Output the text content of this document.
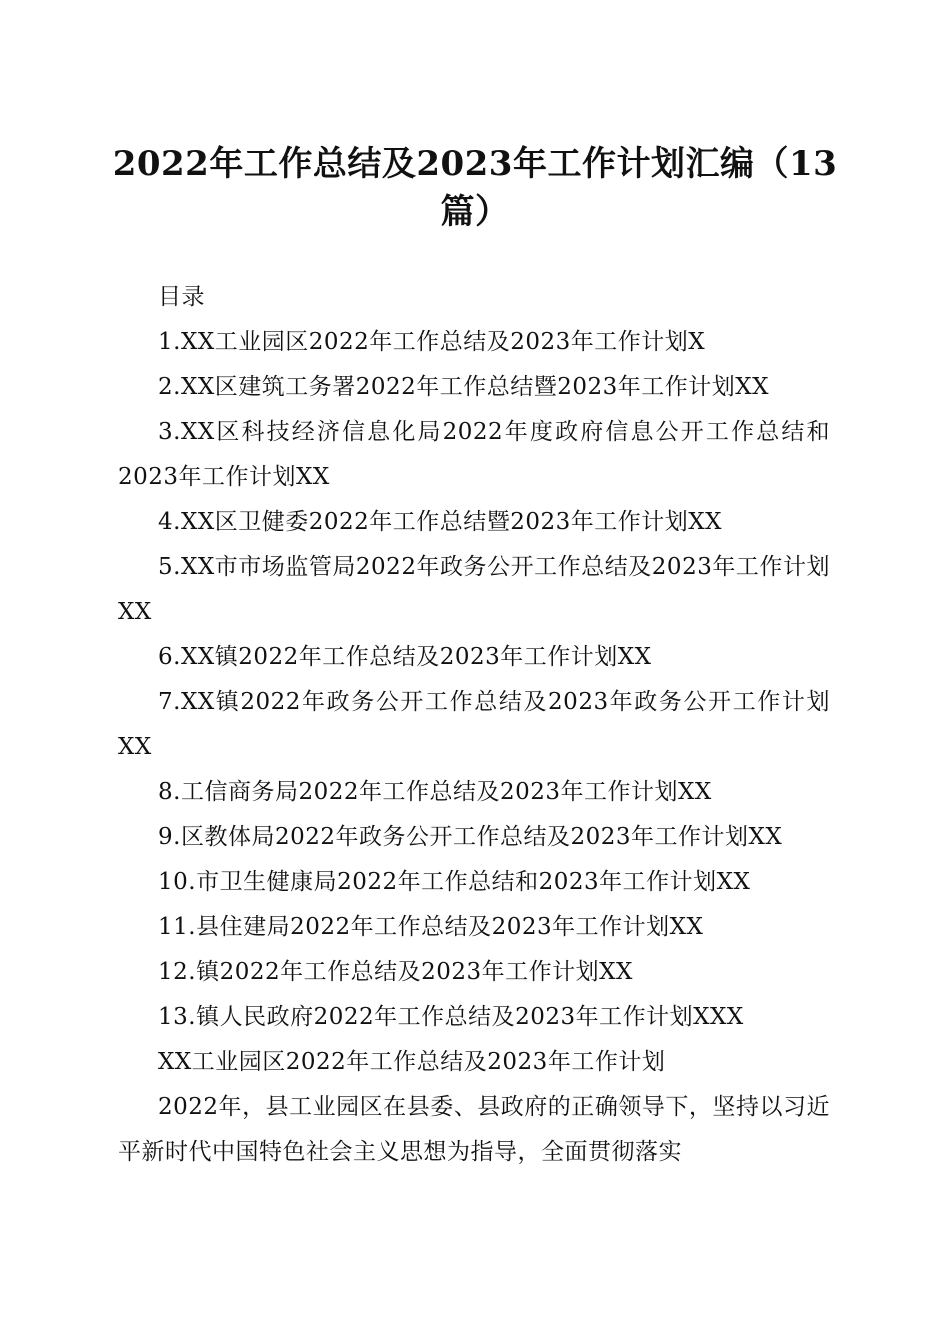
2022年工作总结及2023年工作计划汇编（13篇）

目录

1.XX工业园区2022年工作总结及2023年工作计划X

2.XX区建筑工务署2022年工作总结暨2023年工作计划XX

3.XX区科技经济信息化局2022年度政府信息公开工作总结和2023年工作计划XX

4.XX区卫健委2022年工作总结暨2023年工作计划XX

5.XX市市场监管局2022年政务公开工作总结及2023年工作计划XX

6.XX镇2022年工作总结及2023年工作计划XX

7.XX镇2022年政务公开工作总结及2023年政务公开工作计划XX

8.工信商务局2022年工作总结及2023年工作计划XX

9.区教体局2022年政务公开工作总结及2023年工作计划XX

10.市卫生健康局2022年工作总结和2023年工作计划XX

11.县住建局2022年工作总结及2023年工作计划XX

12.镇2022年工作总结及2023年工作计划XX

13.镇人民政府2022年工作总结及2023年工作计划XXX

XX工业园区2022年工作总结及2023年工作计划

2022年，县工业园区在县委、县政府的正确领导下，坚持以习近平新时代中国特色社会主义思想为指导，全面贯彻落实
